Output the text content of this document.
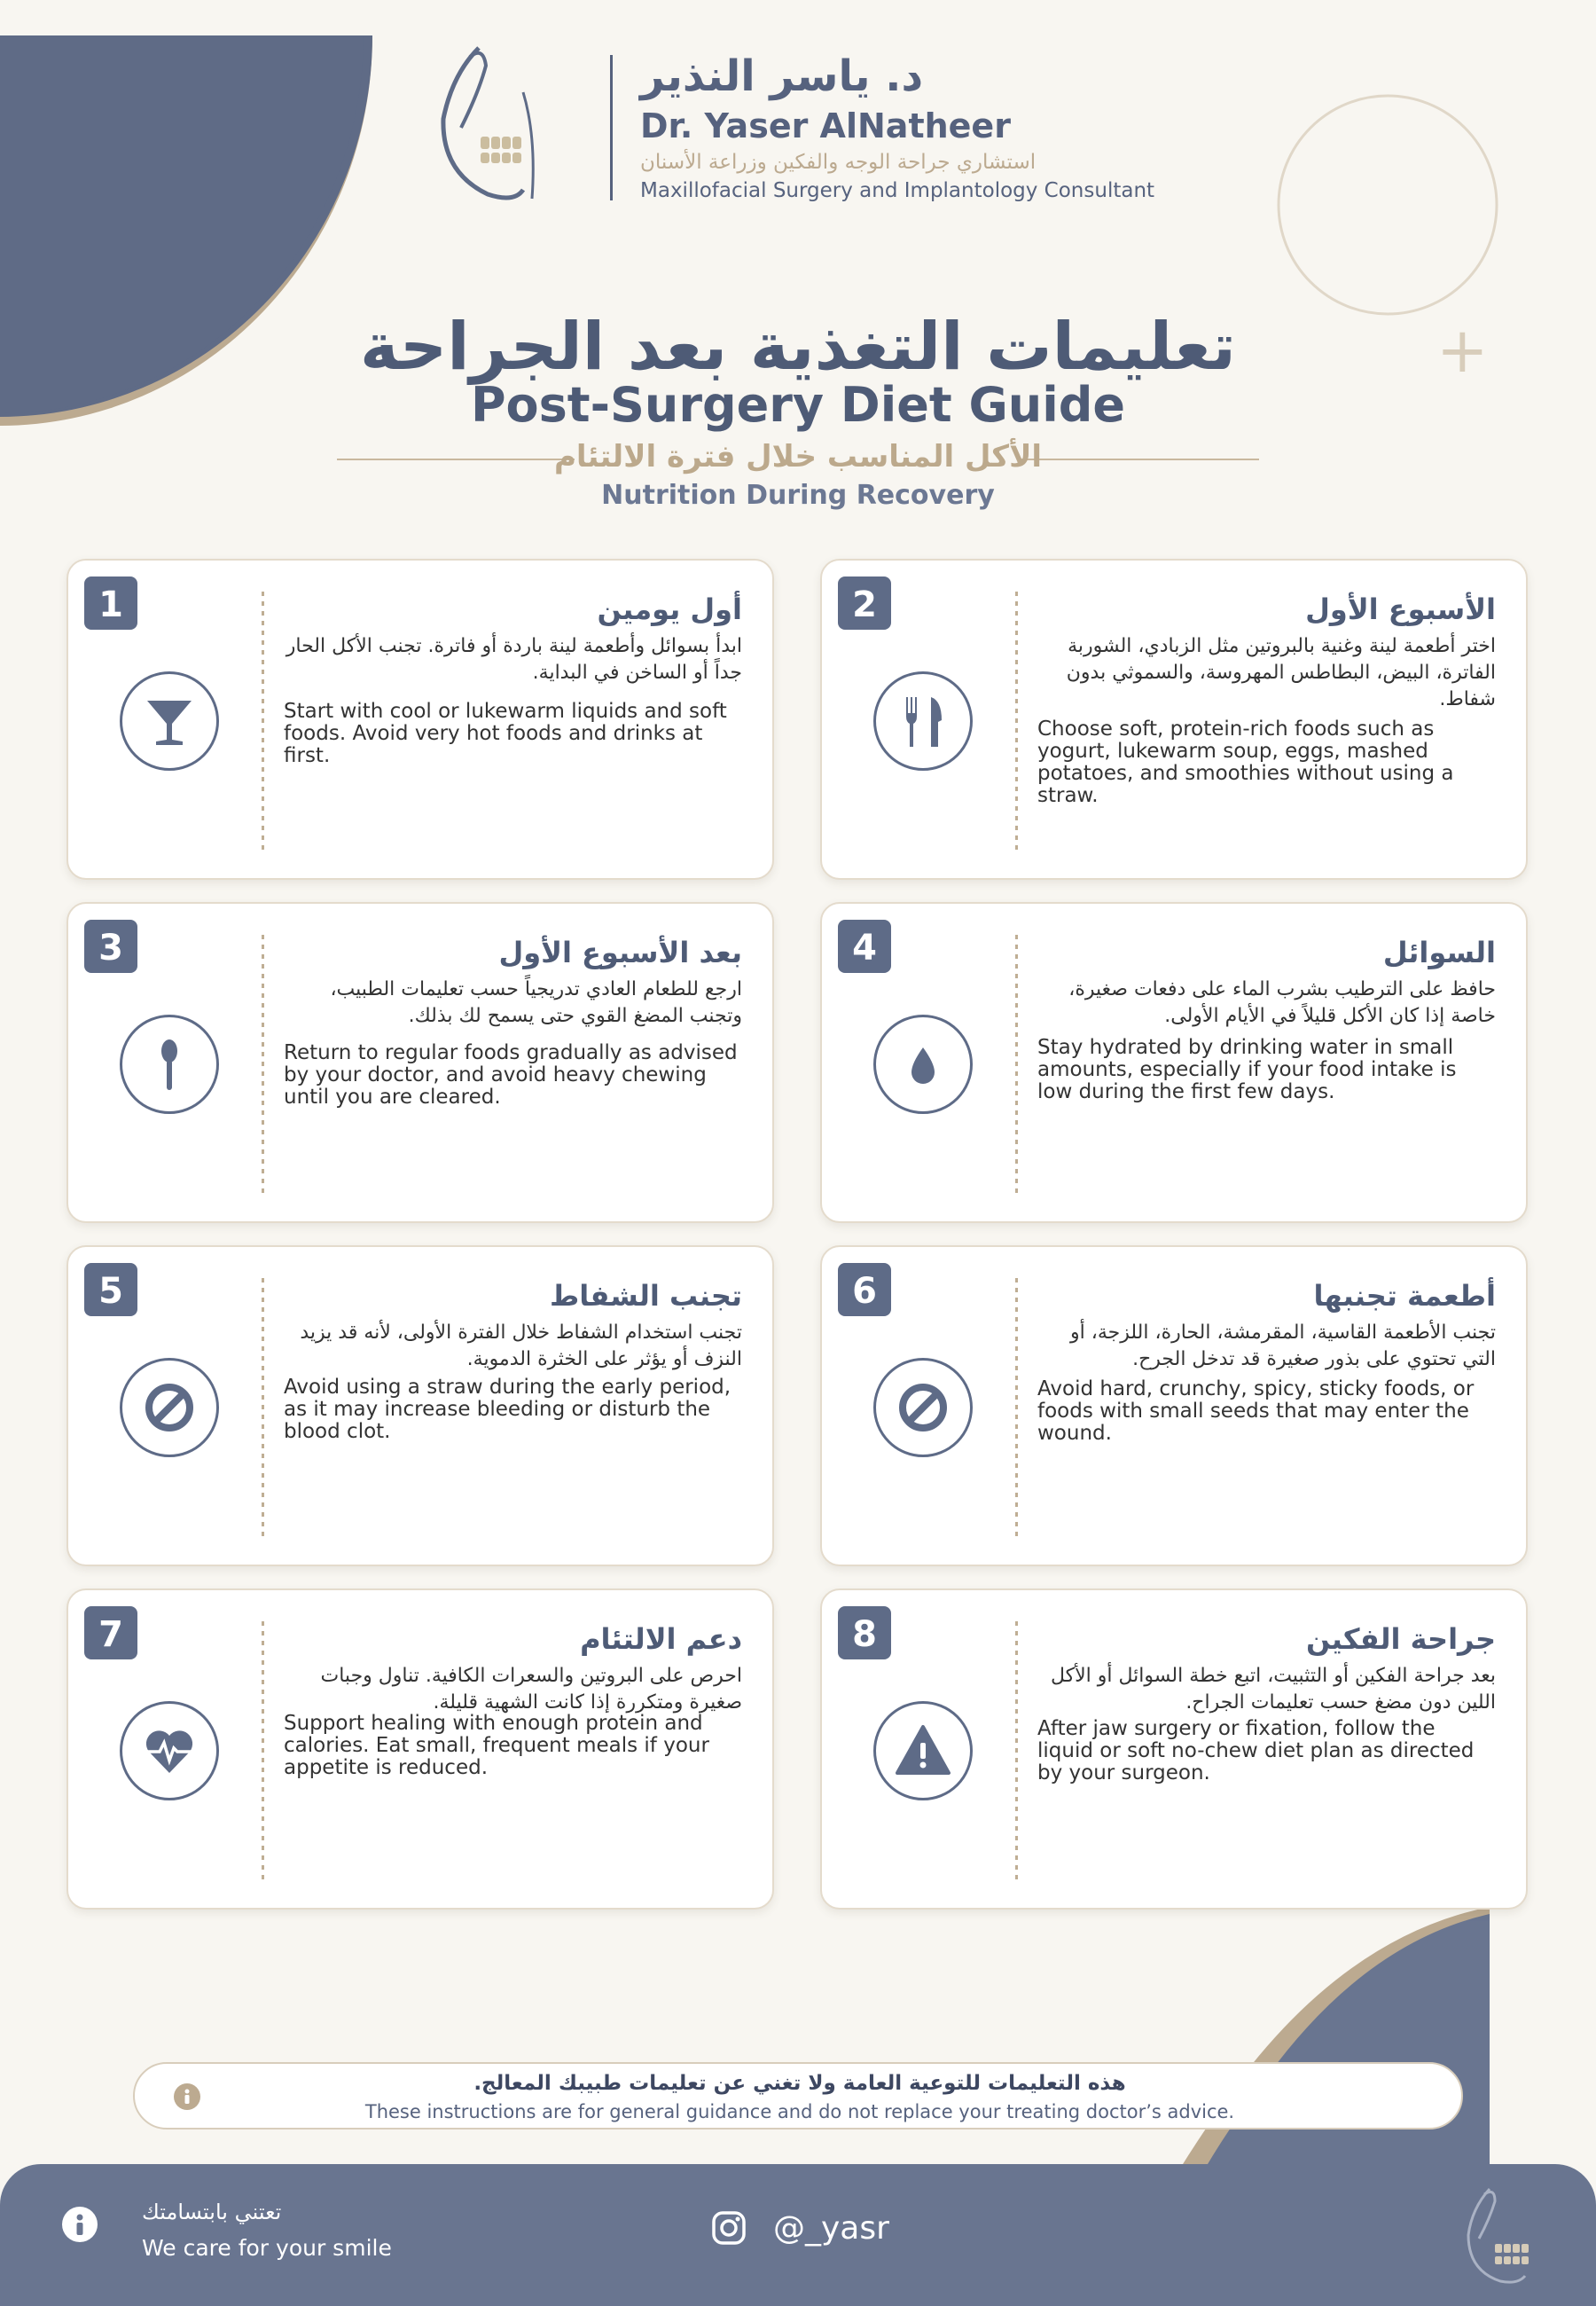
+
د. ياسر النذير
Dr. Yaser AlNatheer
استشاري جراحة الوجه والفكين وزراعة الأسنان
Maxillofacial Surgery and Implantology Consultant
تعليمات التغذية بعد الجراحة
Post-Surgery Diet Guide
الأكل المناسب خلال فترة الالتئام
Nutrition During Recovery
1	أول يومين
ابدأ بسوائل وأطعمة لينة باردة أو فاترة. تجنب الأكل الحار جداً أو الساخن في البداية.
Start with cool or lukewarm liquids and soft foods. Avoid very hot foods and drinks at first.
2	الأسبوع الأول
اختر أطعمة لينة وغنية بالبروتين مثل الزبادي، الشوربة الفاترة، البيض، البطاطس المهروسة، والسموثي بدون شفاط.
Choose soft, protein-rich foods such as yogurt, lukewarm soup, eggs, mashed potatoes, and smoothies without using a straw.
3	بعد الأسبوع الأول
ارجع للطعام العادي تدريجياً حسب تعليمات الطبيب، وتجنب المضغ القوي حتى يسمح لك بذلك.
Return to regular foods gradually as advised by your doctor, and avoid heavy chewing until you are cleared.
4	السوائل
حافظ على الترطيب بشرب الماء على دفعات صغيرة، خاصة إذا كان الأكل قليلاً في الأيام الأولى.
Stay hydrated by drinking water in small amounts, especially if your food intake is low during the first few days.
5	تجنب الشفاط
تجنب استخدام الشفاط خلال الفترة الأولى، لأنه قد يزيد النزف أو يؤثر على الخثرة الدموية.
Avoid using a straw during the early period, as it may increase bleeding or disturb the blood clot.
6	أطعمة تجنبها
تجنب الأطعمة القاسية، المقرمشة، الحارة، اللزجة، أو التي تحتوي على بذور صغيرة قد تدخل الجرح.
Avoid hard, crunchy, spicy, sticky foods, or foods with small seeds that may enter the wound.
7	دعم الالتئام
احرص على البروتين والسعرات الكافية. تناول وجبات صغيرة ومتكررة إذا كانت الشهية قليلة.
Support healing with enough protein and calories. Eat small, frequent meals if your appetite is reduced.
8	جراحة الفكين
بعد جراحة الفكين أو التثبيت، اتبع خطة السوائل أو الأكل اللين دون مضغ حسب تعليمات الجراح.
After jaw surgery or fixation, follow the liquid or soft no-chew diet plan as directed by your surgeon.
هذه التعليمات للتوعية العامة ولا تغني عن تعليمات طبيبك المعالج.
These instructions are for general guidance and do not replace your treating doctor’s advice.
تعتني بابتسامتك
We care for your smile
@_yasr
